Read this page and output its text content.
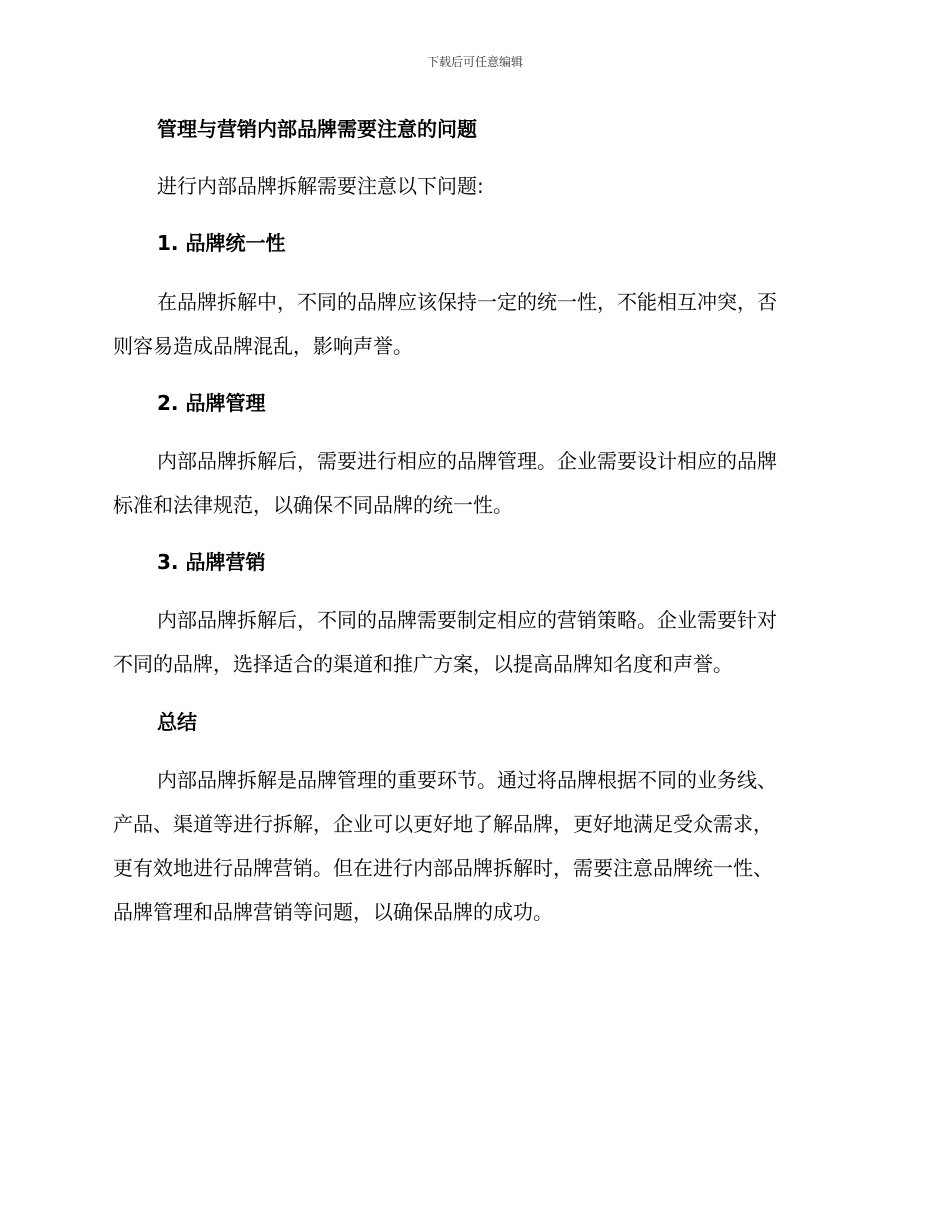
下载后可任意编辑
管理与营销内部品牌需要注意的问题
进行内部品牌拆解需要注意以下问题:
1. 品牌统一性
在品牌拆解中，不同的品牌应该保持一定的统一性，不能相互冲突，否
则容易造成品牌混乱，影响声誉。
2. 品牌管理
内部品牌拆解后，需要进行相应的品牌管理。企业需要设计相应的品牌
标准和法律规范，以确保不同品牌的统一性。
3. 品牌营销
内部品牌拆解后，不同的品牌需要制定相应的营销策略。企业需要针对
不同的品牌，选择适合的渠道和推广方案，以提高品牌知名度和声誉。
总结
内部品牌拆解是品牌管理的重要环节。通过将品牌根据不同的业务线、
产品、渠道等进行拆解，企业可以更好地了解品牌，更好地满足受众需求，
更有效地进行品牌营销。但在进行内部品牌拆解时，需要注意品牌统一性、
品牌管理和品牌营销等问题，以确保品牌的成功。
